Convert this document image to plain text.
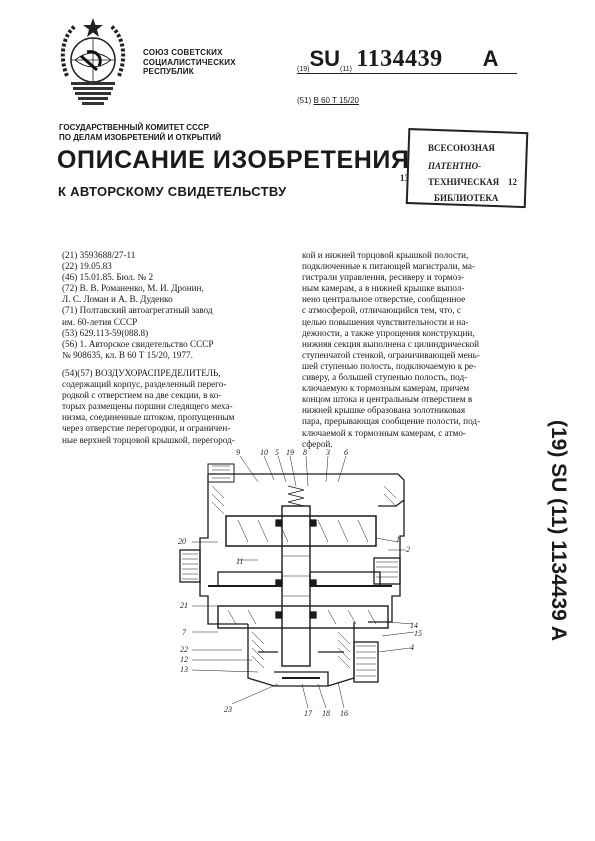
СОЮЗ СОВЕТСКИХ
СОЦИАЛИСТИЧЕСКИХ
РЕСПУБЛИК	(19)SU(11) 1134439 A
(51) B 60 T 15/20
ГОСУДАРСТВЕННЫЙ КОМИТЕТ СССР
ПО ДЕЛАМ ИЗОБРЕТЕНИЙ И ОТКРЫТИЙ
ОПИСАНИЕ ИЗОБРЕТЕНИЯ
К АВТОРСКОМУ СВИДЕТЕЛЬСТВУ
13
ВСЕСОЮЗНАЯ
ПАТЕНТНО-
ТЕХНИЧЕСКАЯ
БИБЛИОТЕКА
12
(21) 3593688/27-11
(22) 19.05.83
(46) 15.01.85. Бюл. № 2
(72) В. В. Романенко, М. И. Дронин,
Л. С. Ломан и А. В. Дуденко
(71) Полтавский автоагрегатный завод
им. 60-летия СССР
(53) 629.113-59(088.8)
(56) 1. Авторское свидетельство СССР
№ 908635, кл. В 60 Т 15/20, 1977.
(54)(57) ВОЗДУХОРАСПРЕДЕЛИТЕЛЬ,
содержащий корпус, разделенный перего-
родкой с отверстием на две секции, в ко-
торых размещены поршни следящего меха-
низма, соединенные штоком, пропущенным
через отверстие перегородки, и ограничен-
ные верхней торцовой крышкой, перегород-
кой и нижней торцовой крышкой полости,
подключенные к питающей магистрали, ма-
гистрали управления, ресиверу и тормоз-
ным камерам, а в нижней крышке выпол-
нено центральное отверстие, сообщенное
с атмосферой, отличающийся тем, что, с
целью повышения чувствительности и на-
дежности, а также упрощения конструкции,
нижняя секция выполнена с цилиндрической
ступенчатой стенкой, ограничивающей мень-
шей ступенью полость, подключаемую к ре-
сиверу, а большей ступенью полость, под-
ключаемую к тормозным камерам, причем
концом штока и центральным отверстием в
нижней крышке образована золотниковая
пара, прерывающая сообщение полости, под-
ключаемой к тормозным камерам, с атмо-
сферой.	(19) SU (11) 1134439 A
9	10 5 19 8 3 6
1
2
14
15
4
20
11
21
7
22
12
13
23	17 18 16
